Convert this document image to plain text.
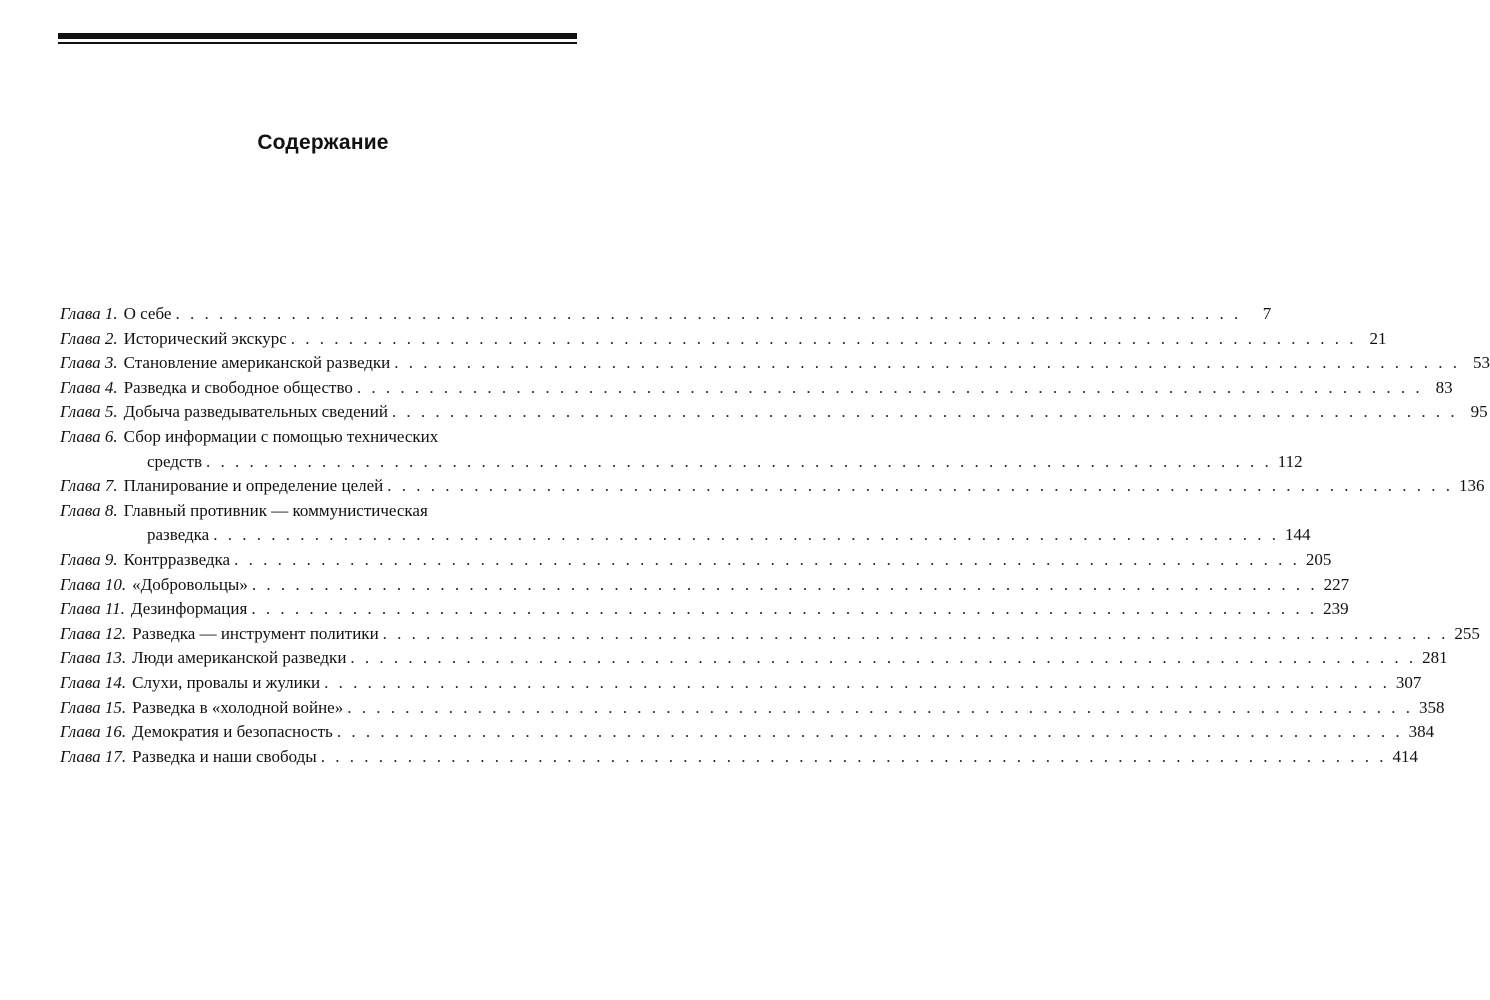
Содержание
Глава 1. О себе . . . . . . . . . . . . . . . . . . . . . . . . . . . . . . . . . . . . . . . . . . . . . . . . . . . . . . . . . . . . . . . . . . . . . . . . . .	7
Глава 2. Исторический экскурс . . . . . . . . . . . . . . . . . . . . . . . . . . . . . . . . . . . . . . . . . . . . . . . . . . . . . . . . . . . . . . . . . . . . . . . . . . 21
Глава 3. Становление американской разведки . . . . . . . . . . . . . . . . . . . . . . . . . . . . . . . . . . . . . . . . . . . . . . . . . . . . . . . . . . . . . . . . . . . . . . . . . . 53
Глава 4. Разведка и свободное общество . . . . . . . . . . . . . . . . . . . . . . . . . . . . . . . . . . . . . . . . . . . . . . . . . . . . . . . . . . . . . . . . . . . . . . . . . . 83
Глава 5. Добыча разведывательных сведений . . . . . . . . . . . . . . . . . . . . . . . . . . . . . . . . . . . . . . . . . . . . . . . . . . . . . . . . . . . . . . . . . . . . . . . . . . 95
Глава 6. Сбор информации с помощью технических
средств . . . . . . . . . . . . . . . . . . . . . . . . . . . . . . . . . . . . . . . . . . . . . . . . . . . . . . . . . . . . . . . . . . . . . . . . . . 112
Глава 7. Планирование и определение целей . . . . . . . . . . . . . . . . . . . . . . . . . . . . . . . . . . . . . . . . . . . . . . . . . . . . . . . . . . . . . . . . . . . . . . . . . . 136
Глава 8. Главный противник — коммунистическая
разведка . . . . . . . . . . . . . . . . . . . . . . . . . . . . . . . . . . . . . . . . . . . . . . . . . . . . . . . . . . . . . . . . . . . . . . . . . . 144
Глава 9. Контрразведка . . . . . . . . . . . . . . . . . . . . . . . . . . . . . . . . . . . . . . . . . . . . . . . . . . . . . . . . . . . . . . . . . . . . . . . . . . 205
Глава 10. «Добровольцы» . . . . . . . . . . . . . . . . . . . . . . . . . . . . . . . . . . . . . . . . . . . . . . . . . . . . . . . . . . . . . . . . . . . . . . . . . . 227
Глава 11. Дезинформация . . . . . . . . . . . . . . . . . . . . . . . . . . . . . . . . . . . . . . . . . . . . . . . . . . . . . . . . . . . . . . . . . . . . . . . . . . 239
Глава 12. Разведка — инструмент политики . . . . . . . . . . . . . . . . . . . . . . . . . . . . . . . . . . . . . . . . . . . . . . . . . . . . . . . . . . . . . . . . . . . . . . . . . . 255
Глава 13. Люди американской разведки . . . . . . . . . . . . . . . . . . . . . . . . . . . . . . . . . . . . . . . . . . . . . . . . . . . . . . . . . . . . . . . . . . . . . . . . . . 281
Глава 14. Слухи, провалы и жулики . . . . . . . . . . . . . . . . . . . . . . . . . . . . . . . . . . . . . . . . . . . . . . . . . . . . . . . . . . . . . . . . . . . . . . . . . . 307
Глава 15. Разведка в «холодной войне» . . . . . . . . . . . . . . . . . . . . . . . . . . . . . . . . . . . . . . . . . . . . . . . . . . . . . . . . . . . . . . . . . . . . . . . . . . 358
Глава 16. Демократия и безопасность . . . . . . . . . . . . . . . . . . . . . . . . . . . . . . . . . . . . . . . . . . . . . . . . . . . . . . . . . . . . . . . . . . . . . . . . . . 384
Глава 17. Разведка и наши свободы . . . . . . . . . . . . . . . . . . . . . . . . . . . . . . . . . . . . . . . . . . . . . . . . . . . . . . . . . . . . . . . . . . . . . . . . . . 414
